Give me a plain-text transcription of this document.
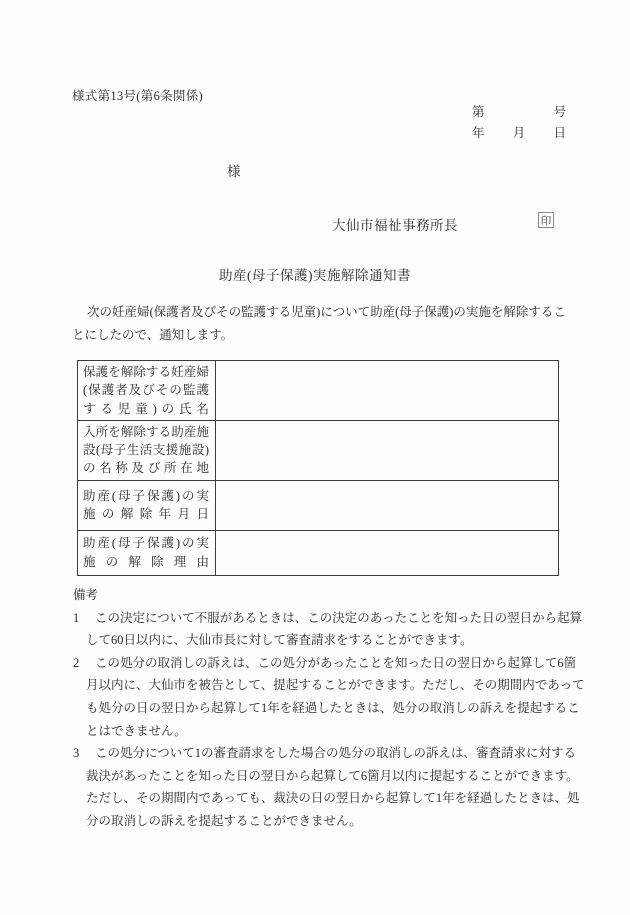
様式第13号(第6条関係)
第	号
年 月 日
様
大仙市福祉事務所長	印
助産(母子保護)実施解除通知書
次の妊産婦(保護者及びその監護する児童)について助産(母子保護)の実施を解除するこ
とにしたので、通知します。
保護を解除する妊産婦
(保護者及びその監護
する児童)の氏名	

入所を解除する助産施
設(母子生活支援施設)
の名称及び所在地	

助産(母子保護)の実
施の解除年月日	

助産(母子保護)の実
施の解除理由	

備考
1 この決定について不服があるときは、この決定のあったことを知った日の翌日から起算
して60日以内に、大仙市長に対して審査請求をすることができます。
2 この処分の取消しの訴えは、この処分があったことを知った日の翌日から起算して6箇
月以内に、大仙市を被告として、提起することができます。ただし、その期間内であって
も処分の日の翌日から起算して1年を経過したときは、処分の取消しの訴えを提起するこ
とはできません。
3 この処分について1の審査請求をした場合の処分の取消しの訴えは、審査請求に対する
裁決があったことを知った日の翌日から起算して6箇月以内に提起することができます。
ただし、その期間内であっても、裁決の日の翌日から起算して1年を経過したときは、処
分の取消しの訴えを提起することができません。
